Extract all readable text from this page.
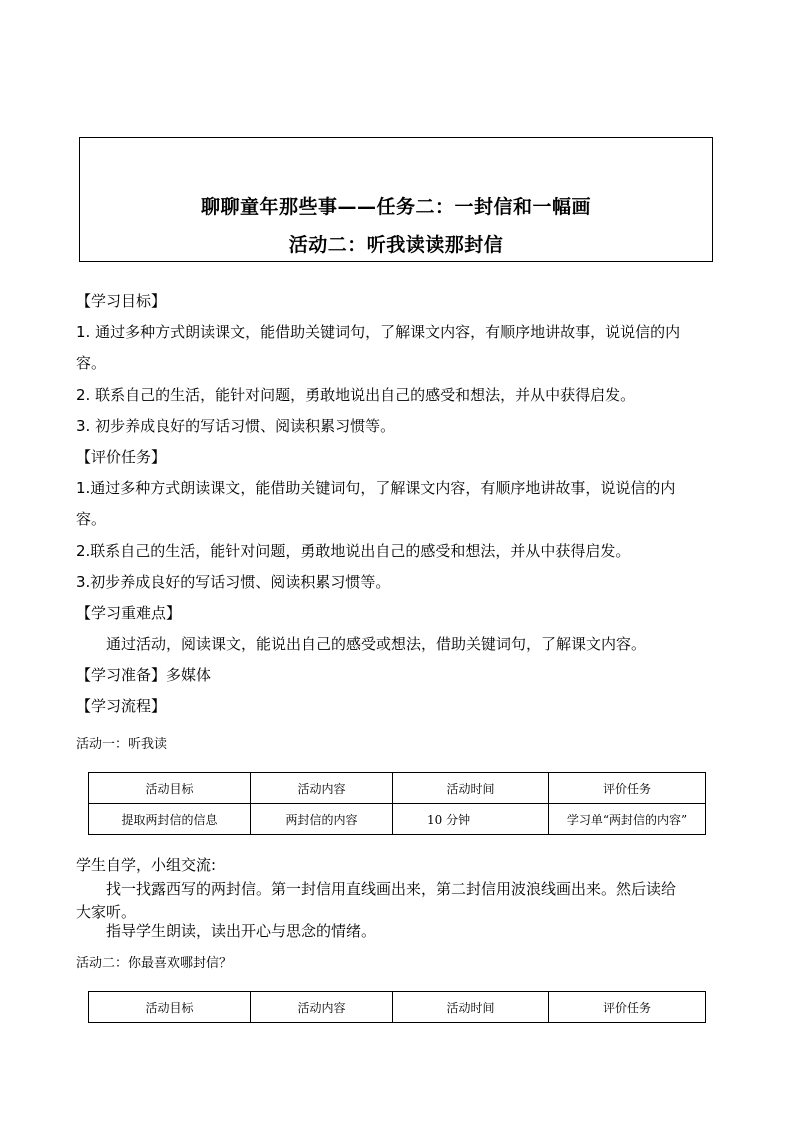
聊聊童年那些事——任务二：一封信和一幅画
活动二：听我读读那封信
【学习目标】
1. 通过多种方式朗读课文，能借助关键词句，了解课文内容，有顺序地讲故事，说说信的内
容。
2. 联系自己的生活，能针对问题，勇敢地说出自己的感受和想法，并从中获得启发。
3. 初步养成良好的写话习惯、阅读积累习惯等。
【评价任务】
1.通过多种方式朗读课文，能借助关键词句，了解课文内容，有顺序地讲故事，说说信的内
容。
2.联系自己的生活，能针对问题，勇敢地说出自己的感受和想法，并从中获得启发。
3.初步养成良好的写话习惯、阅读积累习惯等。
【学习重难点】
通过活动，阅读课文，能说出自己的感受或想法，借助关键词句，了解课文内容。
【学习准备】多媒体
【学习流程】
活动一：听我读
活动目标	活动内容	活动时间	评价任务
提取两封信的信息	两封信的内容	10 分钟	学习单“两封信的内容”
学生自学，小组交流:
找一找露西写的两封信。第一封信用直线画出来，第二封信用波浪线画出来。然后读给
大家听。
指导学生朗读，读出开心与思念的情绪。
活动二：你最喜欢哪封信？
活动目标	活动内容	活动时间	评价任务
